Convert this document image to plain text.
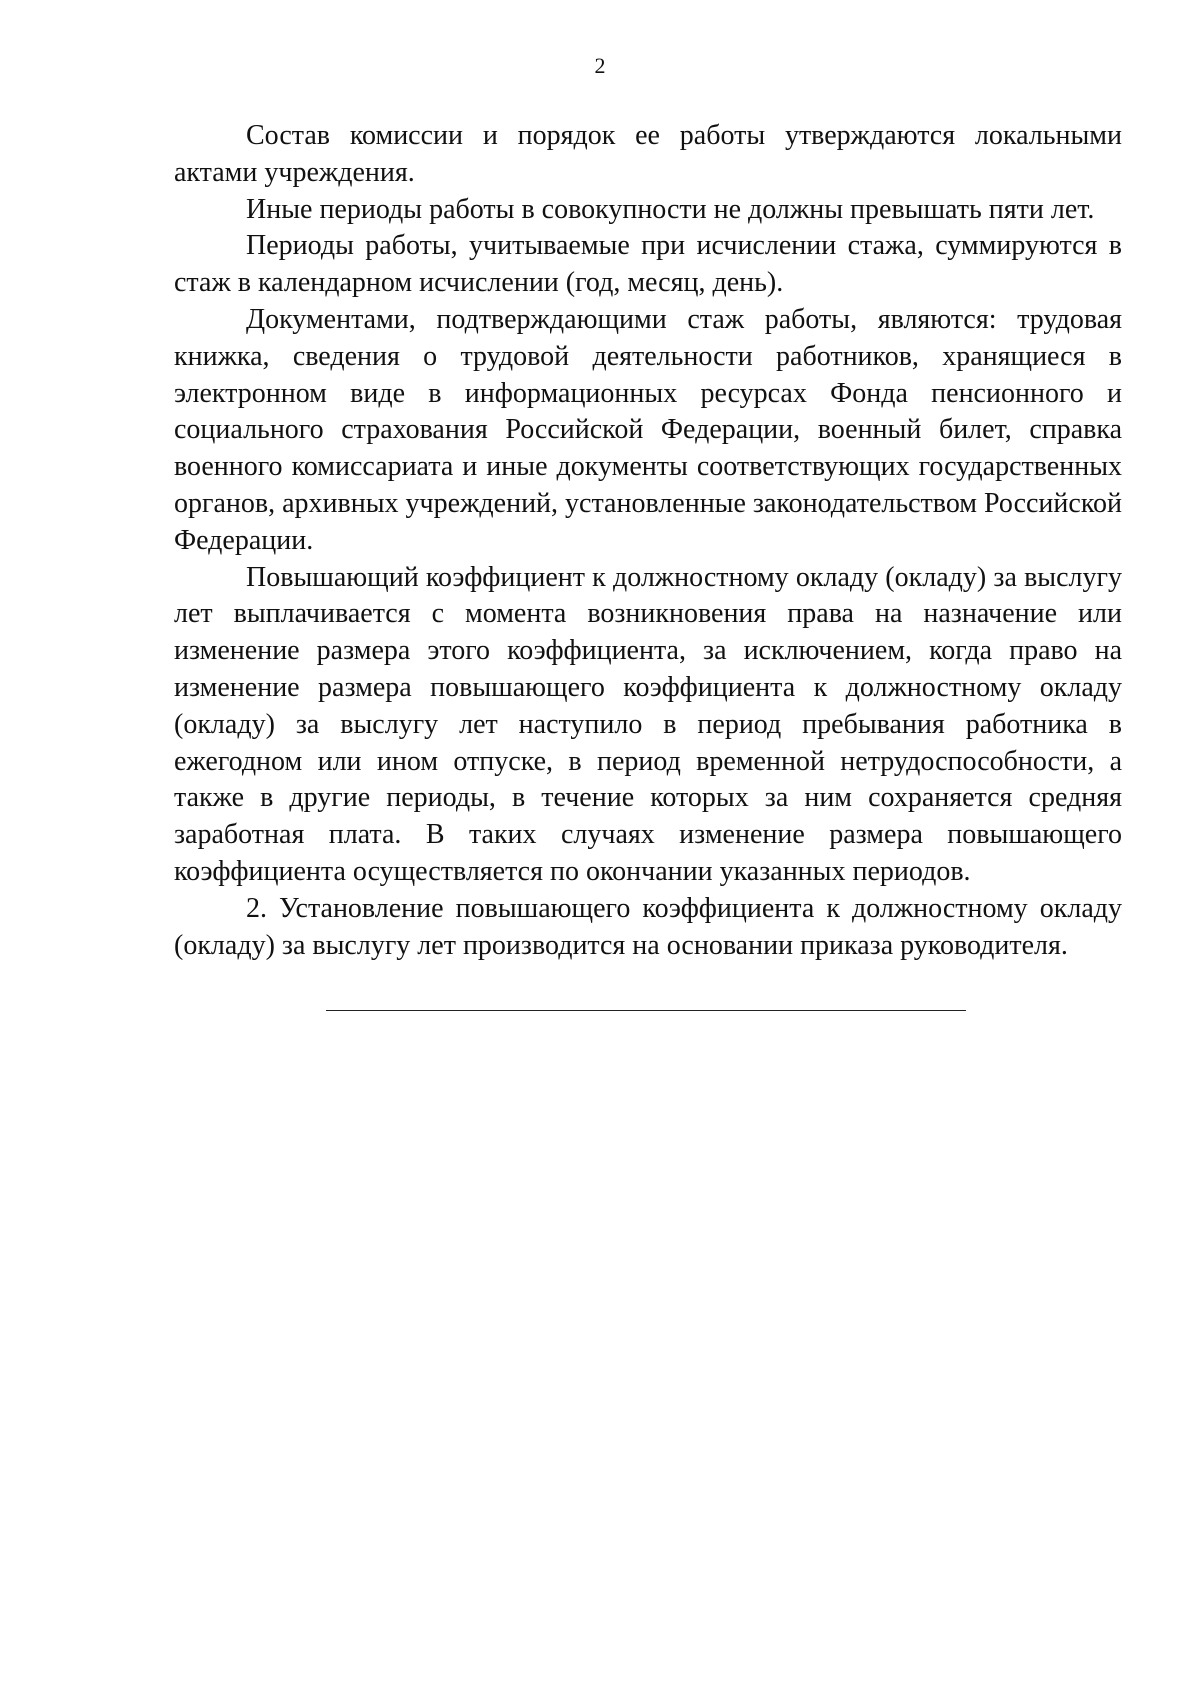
2

Состав комиссии и порядок ее работы утверждаются локальными актами учреждения.

Иные периоды работы в совокупности не должны превышать пяти лет.

Периоды работы, учитываемые при исчислении стажа, суммируются в стаж в календарном исчислении (год, месяц, день).

Документами, подтверждающими стаж работы, являются: трудовая книжка, сведения о трудовой деятельности работников, хранящиеся в электронном виде в информационных ресурсах Фонда пенсионного и социального страхования Российской Федерации, военный билет, справка военного комиссариата и иные документы соответствующих государственных органов, архивных учреждений, установленные законодательством Российской Федерации.

Повышающий коэффициент к должностному окладу (окладу) за выслугу лет выплачивается с момента возникновения права на назначение или изменение размера этого коэффициента, за исключением, когда право на изменение размера повышающего коэффициента к должностному окладу (окладу) за выслугу лет наступило в период пребывания работника в ежегодном или ином отпуске, в период временной нетрудоспособности, а также в другие периоды, в течение которых за ним сохраняется средняя заработная плата. В таких случаях изменение размера повышающего коэффициента осуществляется по окончании указанных периодов.

2. Установление повышающего коэффициента к должностному окладу (окладу) за выслугу лет производится на основании приказа руководителя.
